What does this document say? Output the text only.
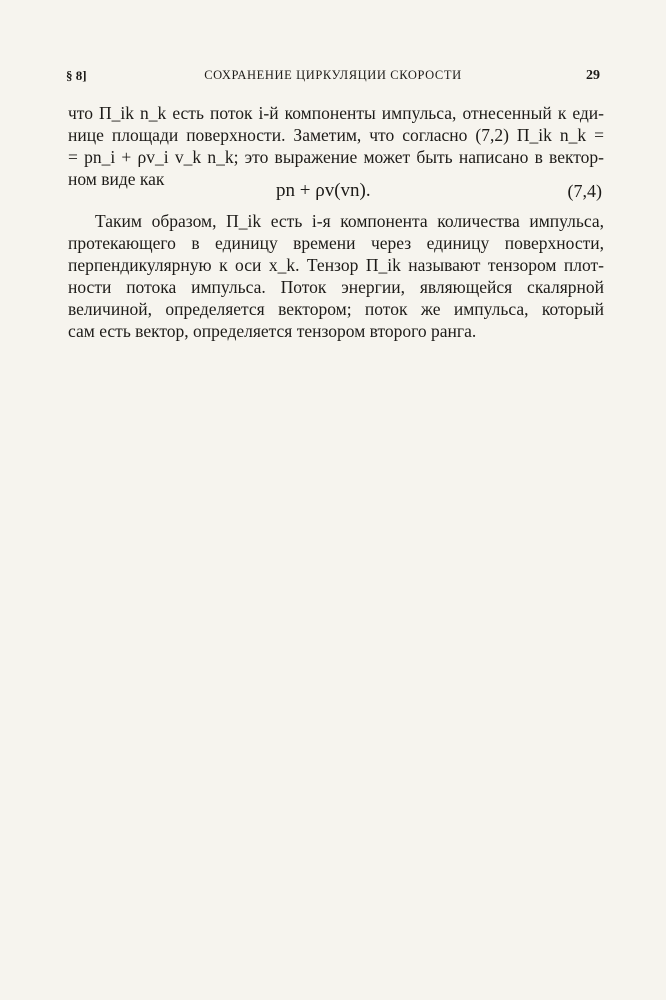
§ 8]	СОХРАНЕНИЕ ЦИРКУЛЯЦИИ СКОРОСТИ	29
что Π_ik n_k есть поток i-й компоненты импульса, отнесенный к еди-
нице площади поверхности. Заметим, что согласно (7,2) Π_ik n_k =
= pn_i + ρv_i v_k n_k; это выражение может быть написано в вектор-
ном виде как
pn + ρv(vn).	(7,4)
Таким образом, Π_ik есть i-я компонента количества импульса,
протекающего в единицу времени через единицу поверхности,
перпендикулярную к оси x_k. Тензор Π_ik называют тензором плот-
ности потока импульса. Поток энергии, являющейся скалярной
величиной, определяется вектором; поток же импульса, который
сам есть вектор, определяется тензором второго ранга.
